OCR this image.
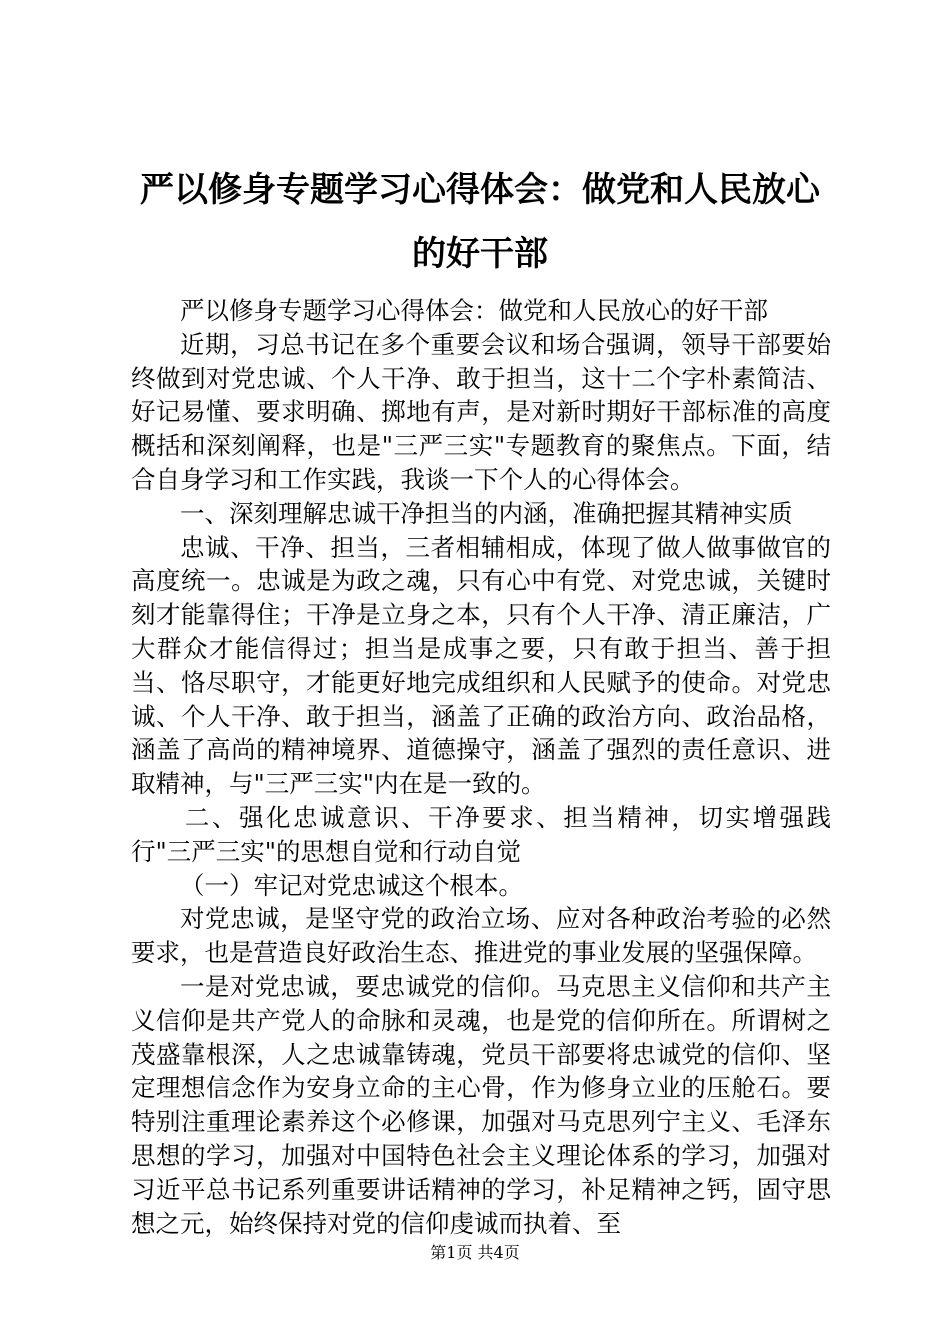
严以修身专题学习心得体会：做党和人民放心
的好干部

严以修身专题学习心得体会：做党和人民放心的好干部

近期，习总书记在多个重要会议和场合强调，领导干部要始终做到对党忠诚、个人干净、敢于担当，这十二个字朴素简洁、好记易懂、要求明确、掷地有声，是对新时期好干部标准的高度概括和深刻阐释，也是"三严三实"专题教育的聚焦点。下面，结合自身学习和工作实践，我谈一下个人的心得体会。

一、深刻理解忠诚干净担当的内涵，准确把握其精神实质

忠诚、干净、担当，三者相辅相成，体现了做人做事做官的高度统一。忠诚是为政之魂，只有心中有党、对党忠诚，关键时刻才能靠得住；干净是立身之本，只有个人干净、清正廉洁，广大群众才能信得过；担当是成事之要，只有敢于担当、善于担当、恪尽职守，才能更好地完成组织和人民赋予的使命。对党忠诚、个人干净、敢于担当，涵盖了正确的政治方向、政治品格，涵盖了高尚的精神境界、道德操守，涵盖了强烈的责任意识、进取精神，与"三严三实"内在是一致的。

二、强化忠诚意识、干净要求、担当精神，切实增强践行"三严三实"的思想自觉和行动自觉

（一）牢记对党忠诚这个根本。

对党忠诚，是坚守党的政治立场、应对各种政治考验的必然要求，也是营造良好政治生态、推进党的事业发展的坚强保障。

一是对党忠诚，要忠诚党的信仰。马克思主义信仰和共产主义信仰是共产党人的命脉和灵魂，也是党的信仰所在。所谓树之茂盛靠根深，人之忠诚靠铸魂，党员干部要将忠诚党的信仰、坚定理想信念作为安身立命的主心骨，作为修身立业的压舱石。要特别注重理论素养这个必修课，加强对马克思列宁主义、毛泽东思想的学习，加强对中国特色社会主义理论体系的学习，加强对习近平总书记系列重要讲话精神的学习，补足精神之钙，固守思想之元，始终保持对党的信仰虔诚而执着、至

第1页 共4页
